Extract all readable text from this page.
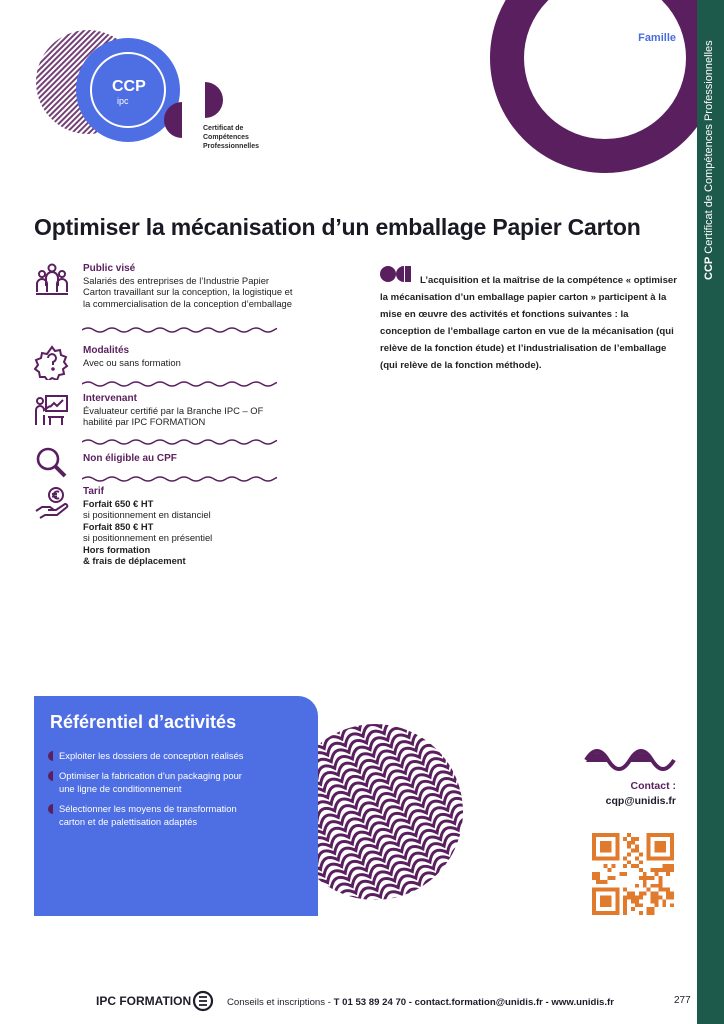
CCP Certificat de Compétences Professionnelles
CCP
ipc
Certificat de Compétences Professionnelles
Famille
Matériau et produit
Optimiser la mécanisation d’un emballage Papier Carton
Public visé
Salariés des entreprises de l’Industrie Papier Carton travaillant sur la conception, la logistique et la commercialisation de la conception d’emballage
Modalités
Avec ou sans formation
Intervenant
Évaluateur certifié par la Branche IPC – OF habilité par IPC FORMATION
Non éligible au CPF
Tarif
Forfait 650 € HT
si positionnement en distanciel
Forfait 850 € HT
si positionnement en présentiel
Hors formation
& frais de déplacement
L’acquisition et la maîtrise de la compétence « optimiser la mécanisation d’un emballage papier carton » participent à la mise en œuvre des activités et fonctions suivantes : la conception de l’emballage carton en vue de la mécanisation (qui relève de la fonction étude) et l’industrialisation de l’emballage (qui relève de la fonction méthode).
Référentiel d’activités
Exploiter les dossiers de conception réalisés
Optimiser la fabrication d’un packaging pour une ligne de conditionnement
Sélectionner les moyens de transformation carton et de palettisation adaptés
Contact :
cqp@unidis.fr
IPC FORMATION	Conseils et inscriptions - T 01 53 89 24 70 - contact.formation@unidis.fr - www.unidis.fr	277
